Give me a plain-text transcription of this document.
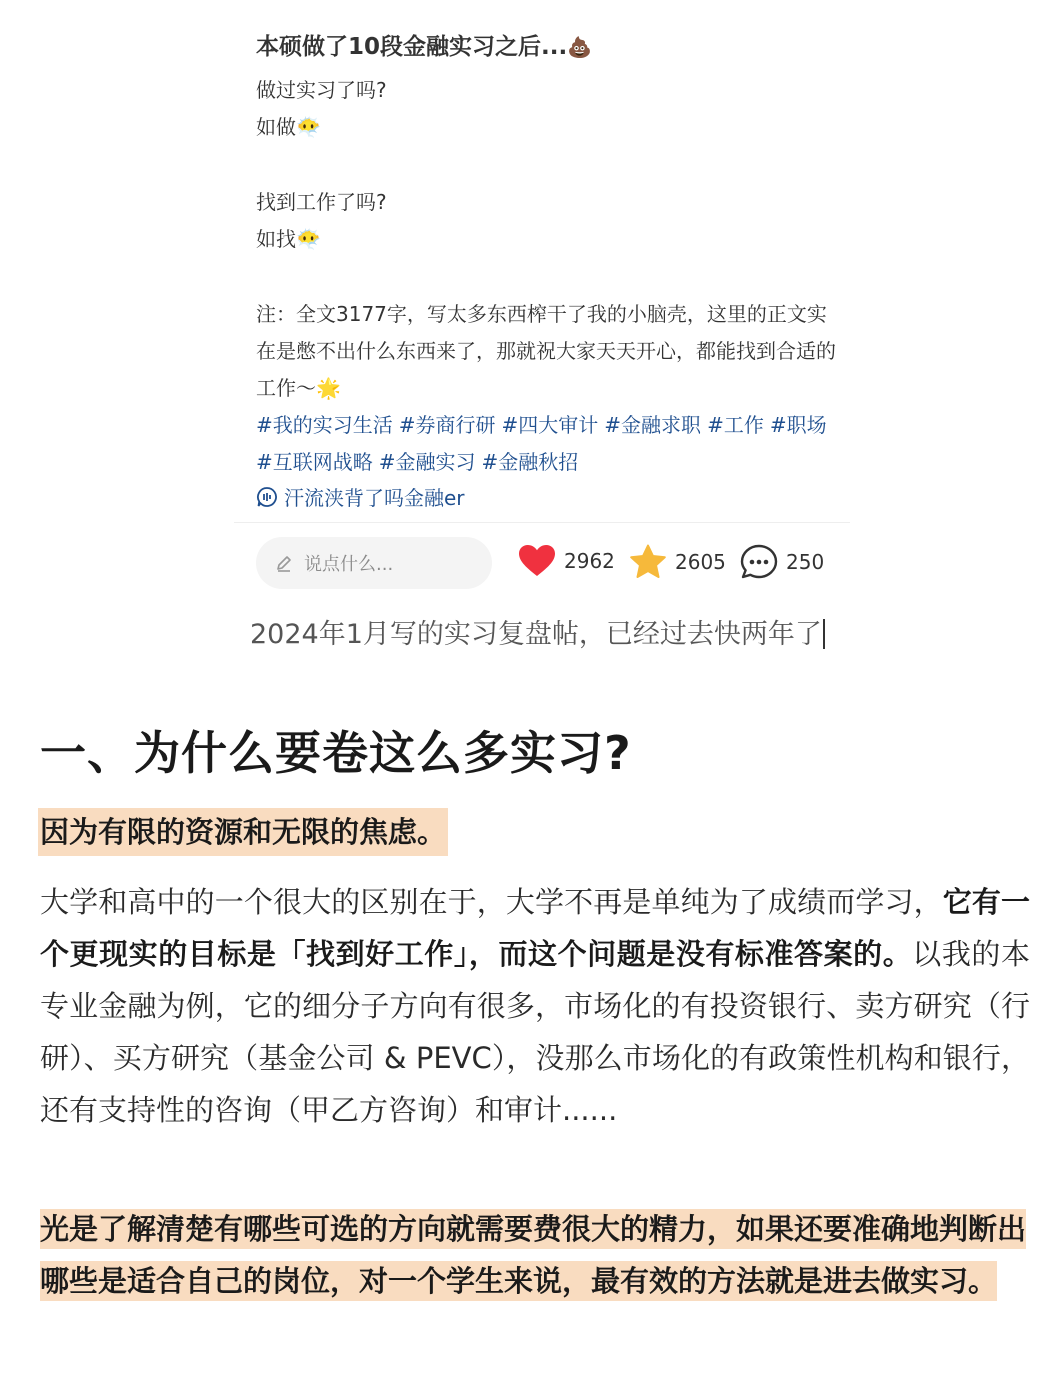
本硕做了10段金融实习之后...💩
做过实习了吗?
如做😶‍🌫️
找到工作了吗?
如找😶‍🌫️
注：全文3177字，写太多东西榨干了我的小脑壳，这里的正文实在是憋不出什么东西来了，那就祝大家天天开心，都能找到合适的工作～🌟
#我的实习生活 #券商行研 #四大审计 #金融求职 #工作 #职场#互联网战略 #金融实习 #金融秋招
汗流浃背了吗金融er
说点什么...	2962	2605	250
2024年1月写的实习复盘帖，已经过去快两年了
一、为什么要卷这么多实习?
因为有限的资源和无限的焦虑。
大学和高中的一个很大的区别在于，大学不再是单纯为了成绩而学习，它有一个更现实的目标是「找到好工作」，而这个问题是没有标准答案的。以我的本专业金融为例，它的细分子方向有很多，市场化的有投资银行、卖方研究（行研）、买方研究（基金公司 & PEVC），没那么市场化的有政策性机构和银行，还有支持性的咨询（甲乙方咨询）和审计......
光是了解清楚有哪些可选的方向就需要费很大的精力，如果还要准确地判断出哪些是适合自己的岗位，对一个学生来说，最有效的方法就是进去做实习。
